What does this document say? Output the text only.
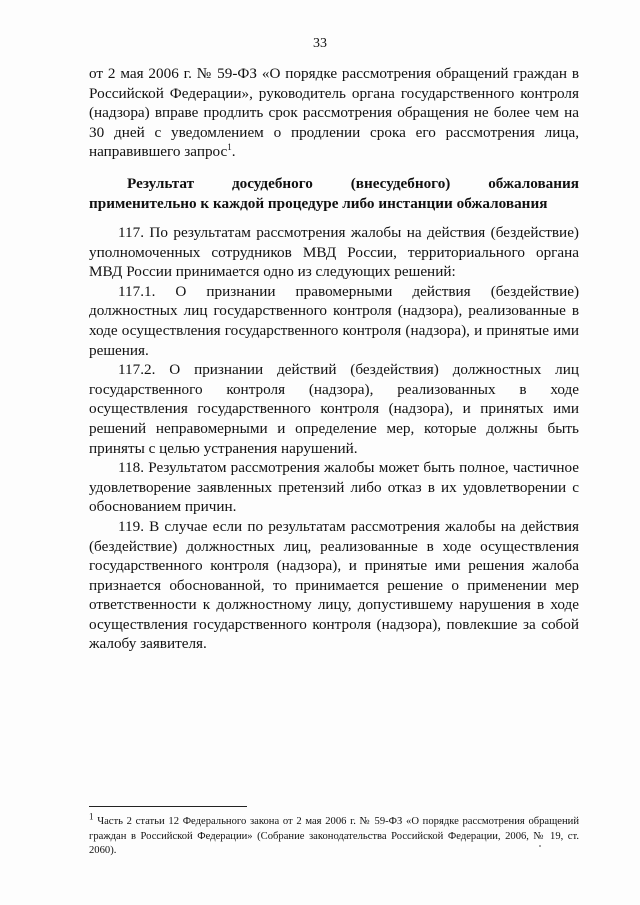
33

от 2 мая 2006 г. № 59-ФЗ «О порядке рассмотрения обращений граждан в Российской Федерации», руководитель органа государственного контроля (надзора) вправе продлить срок рассмотрения обращения не более чем на 30 дней с уведомлением о продлении срока его рассмотрения лица, направившего запрос$^1$.

Результат досудебного (внесудебного) обжалования применительно к каждой процедуре либо инстанции обжалования

117. По результатам рассмотрения жалобы на действия (бездействие) уполномоченных сотрудников МВД России, территориального органа МВД России принимается одно из следующих решений:

117.1. О признании правомерными действия (бездействие) должностных лиц государственного контроля (надзора), реализованные в ходе осуществления государственного контроля (надзора), и принятые ими решения.

117.2. О признании действий (бездействия) должностных лиц государственного контроля (надзора), реализованных в ходе осуществления государственного контроля (надзора), и принятых ими решений неправомерными и определение мер, которые должны быть приняты с целью устранения нарушений.

118. Результатом рассмотрения жалобы может быть полное, частичное удовлетворение заявленных претензий либо отказ в их удовлетворении с обоснованием причин.

119. В случае если по результатам рассмотрения жалобы на действия (бездействие) должностных лиц, реализованные в ходе осуществления государственного контроля (надзора), и принятые ими решения жалоба признается обоснованной, то принимается решение о применении мер ответственности к должностному лицу, допустившему нарушения в ходе осуществления государственного контроля (надзора), повлекшие за собой жалобу заявителя.

$^1$ Часть 2 статьи 12 Федерального закона от 2 мая 2006 г. № 59-ФЗ «О порядке рассмотрения обращений граждан в Российской Федерации» (Собрание законодательства Российской Федерации, 2006, № 19, ст. 2060).
